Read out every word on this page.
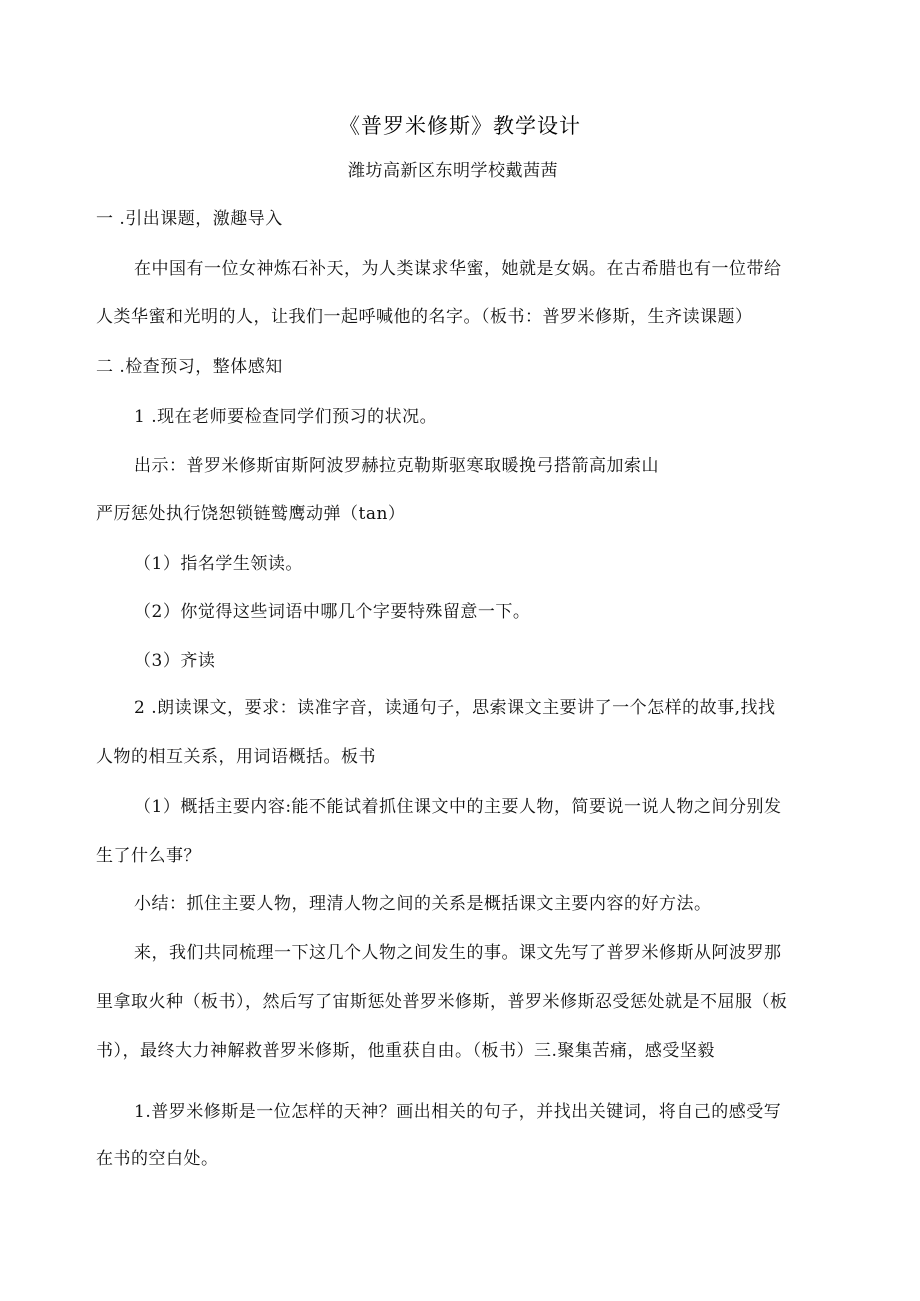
《普罗米修斯》教学设计
潍坊高新区东明学校戴茜茜
一 .引出课题，激趣导入
在中国有一位女神炼石补天，为人类谋求华蜜，她就是女娲。在古希腊也有一位带给
人类华蜜和光明的人，让我们一起呼喊他的名字。（板书：普罗米修斯，生齐读课题）
二 .检查预习，整体感知
1 .现在老师要检查同学们预习的状况。
出示：普罗米修斯宙斯阿波罗赫拉克勒斯驱寒取暖挽弓搭箭高加索山
严厉惩处执行饶恕锁链鹫鹰动弹（tan）
（1）指名学生领读。
（2）你觉得这些词语中哪几个字要特殊留意一下。
（3）齐读
2 .朗读课文，要求：读准字音，读通句子，思索课文主要讲了一个怎样的故事,找找
人物的相互关系，用词语概括。板书
（1）概括主要内容:能不能试着抓住课文中的主要人物，简要说一说人物之间分别发
生了什么事？
小结：抓住主要人物，理清人物之间的关系是概括课文主要内容的好方法。
来，我们共同梳理一下这几个人物之间发生的事。课文先写了普罗米修斯从阿波罗那
里拿取火种（板书），然后写了宙斯惩处普罗米修斯，普罗米修斯忍受惩处就是不屈服（板
书），最终大力神解救普罗米修斯，他重获自由。（板书）三.聚集苦痛，感受坚毅
1.普罗米修斯是一位怎样的天神？画出相关的句子，并找出关键词，将自己的感受写
在书的空白处。
